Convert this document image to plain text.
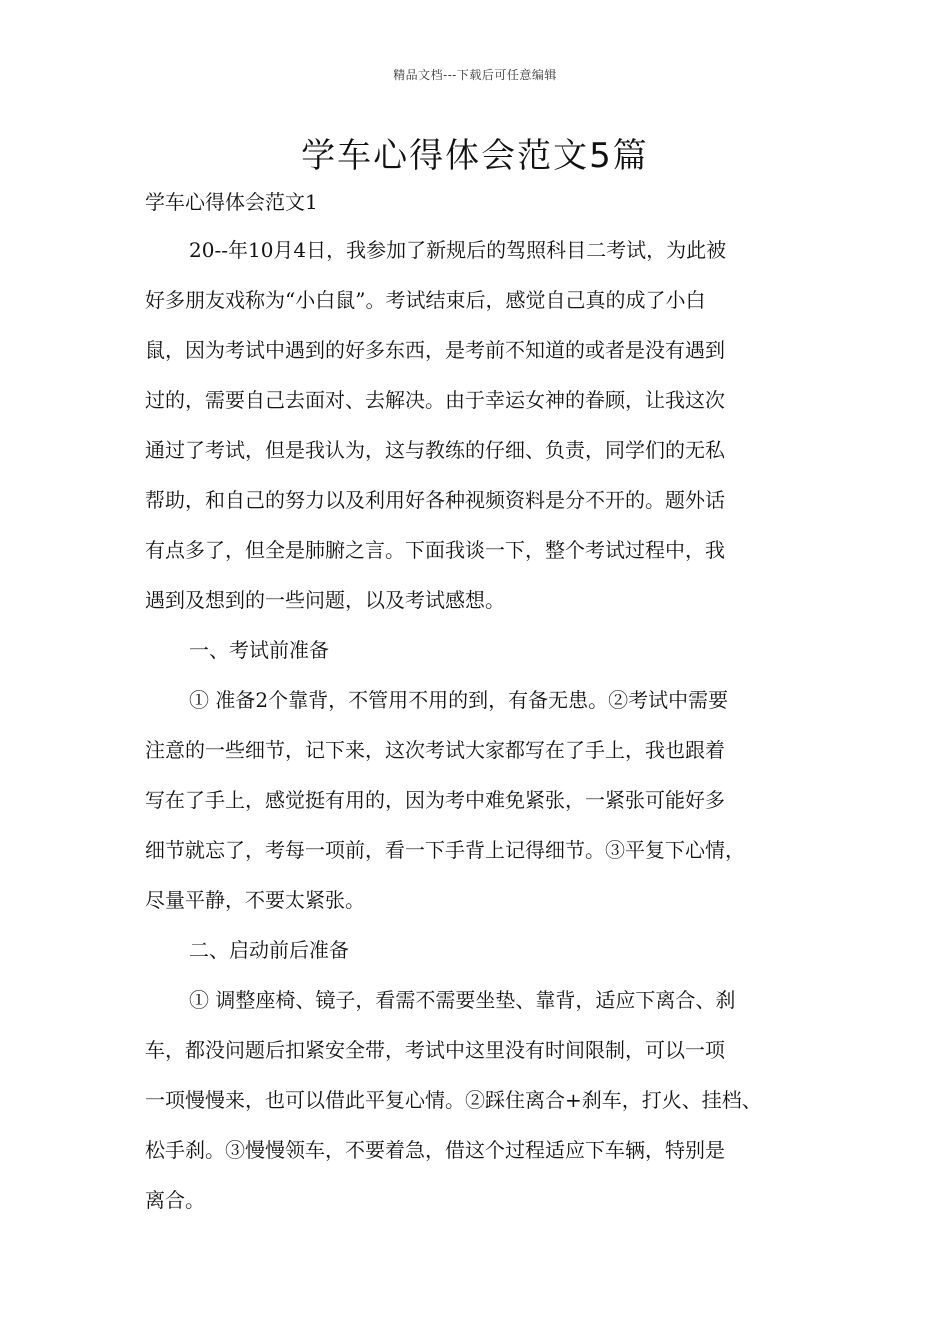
精品文档---下载后可任意编辑
学车心得体会范文5篇
学车心得体会范文1
20--年10月4日，我参加了新规后的驾照科目二考试，为此被
好多朋友戏称为“小白鼠”。考试结束后，感觉自己真的成了小白
鼠，因为考试中遇到的好多东西，是考前不知道的或者是没有遇到
过的，需要自己去面对、去解决。由于幸运女神的眷顾，让我这次
通过了考试，但是我认为，这与教练的仔细、负责，同学们的无私
帮助，和自己的努力以及利用好各种视频资料是分不开的。题外话
有点多了，但全是肺腑之言。下面我谈一下，整个考试过程中，我
遇到及想到的一些问题，以及考试感想。
一、考试前准备
① 准备2个靠背，不管用不用的到，有备无患。②考试中需要
注意的一些细节，记下来，这次考试大家都写在了手上，我也跟着
写在了手上，感觉挺有用的，因为考中难免紧张，一紧张可能好多
细节就忘了，考每一项前，看一下手背上记得细节。③平复下心情，
尽量平静，不要太紧张。
二、启动前后准备
① 调整座椅、镜子，看需不需要坐垫、靠背，适应下离合、刹
车，都没问题后扣紧安全带，考试中这里没有时间限制，可以一项
一项慢慢来，也可以借此平复心情。②踩住离合+刹车，打火、挂档、
松手刹。③慢慢领车，不要着急，借这个过程适应下车辆，特别是
离合。
